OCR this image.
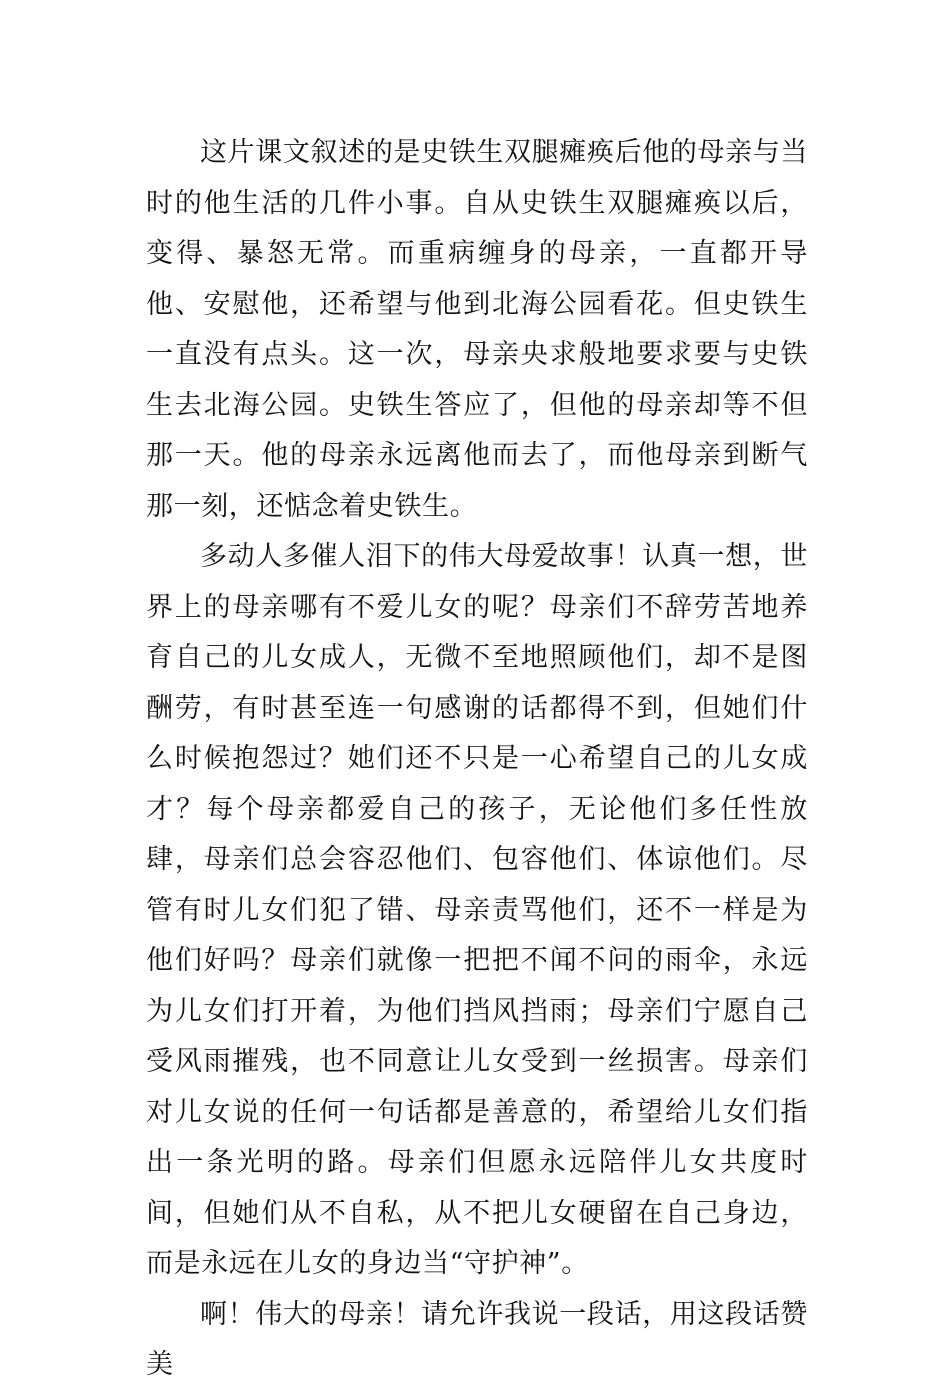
这片课文叙述的是史铁生双腿瘫痪后他的母亲与当时的他生活的几件小事。自从史铁生双腿瘫痪以后，变得、暴怒无常。而重病缠身的母亲，一直都开导他、安慰他，还希望与他到北海公园看花。但史铁生一直没有点头。这一次，母亲央求般地要求要与史铁生去北海公园。史铁生答应了，但他的母亲却等不但那一天。他的母亲永远离他而去了，而他母亲到断气那一刻，还惦念着史铁生。

多动人多催人泪下的伟大母爱故事！认真一想，世界上的母亲哪有不爱儿女的呢？母亲们不辞劳苦地养育自己的儿女成人，无微不至地照顾他们，却不是图酬劳，有时甚至连一句感谢的话都得不到，但她们什么时候抱怨过？她们还不只是一心希望自己的儿女成才？每个母亲都爱自己的孩子，无论他们多任性放肆，母亲们总会容忍他们、包容他们、体谅他们。尽管有时儿女们犯了错、母亲责骂他们，还不一样是为他们好吗？母亲们就像一把把不闻不问的雨伞，永远为儿女们打开着，为他们挡风挡雨；母亲们宁愿自己受风雨摧残，也不同意让儿女受到一丝损害。母亲们对儿女说的任何一句话都是善意的，希望给儿女们指出一条光明的路。母亲们但愿永远陪伴儿女共度时间，但她们从不自私，从不把儿女硬留在自己身边，而是永远在儿女的身边当“守护神”。

啊！伟大的母亲！请允许我说一段话，用这段话赞美
